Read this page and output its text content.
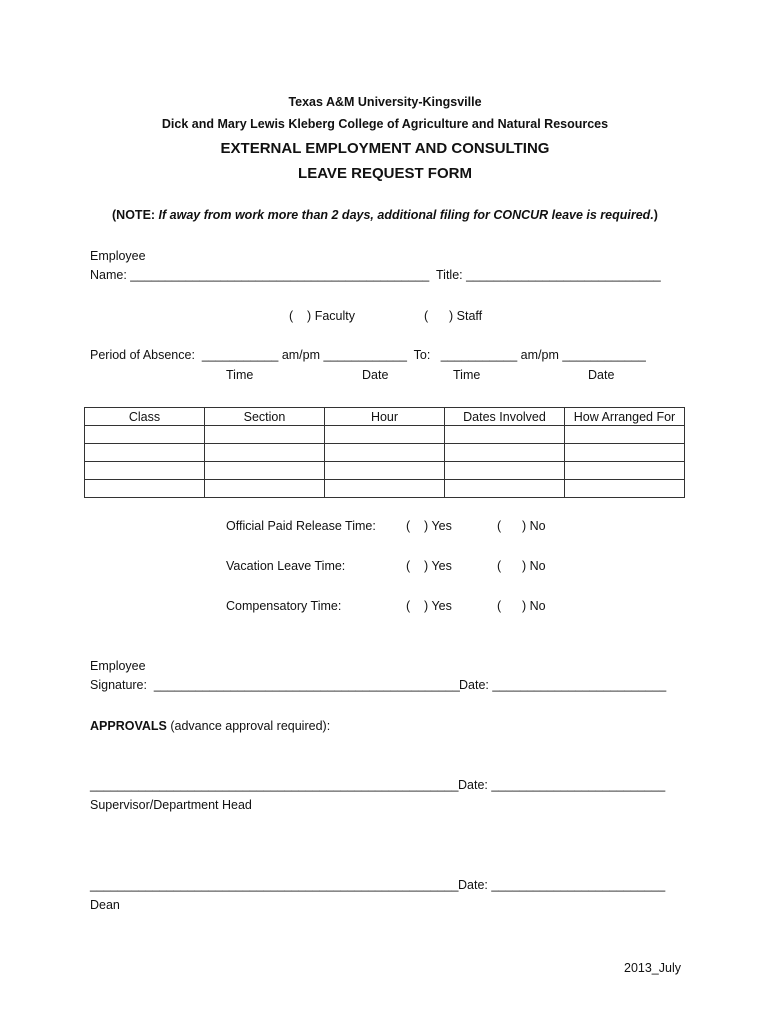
Texas A&M University-Kingsville
Dick and Mary Lewis Kleberg College of Agriculture and Natural Resources
EXTERNAL EMPLOYMENT AND CONSULTING
LEAVE REQUEST FORM
(NOTE: If away from work more than 2 days, additional filing for CONCUR leave is required.)
Employee
Name: ___________________________________________ Title: ____________________________
(    ) Faculty	(      ) Staff
Period of Absence:  ___________ am/pm ____________  To:   ___________ am/pm ____________
Time	Date	Time	Date
Class	Section	Hour	Dates Involved	How Arranged For

Official Paid Release Time: (    ) Yes	(      ) No
Vacation Leave Time:	(    ) Yes	(      ) No
Compensatory Time:	(    ) Yes	(      ) No
Employee
Signature:  ____________________________________________ Date: _________________________
APPROVALS (advance approval required):
_____________________________________________________ Date: _________________________
Supervisor/Department Head
_____________________________________________________ Date: _________________________
Dean
2013_July
